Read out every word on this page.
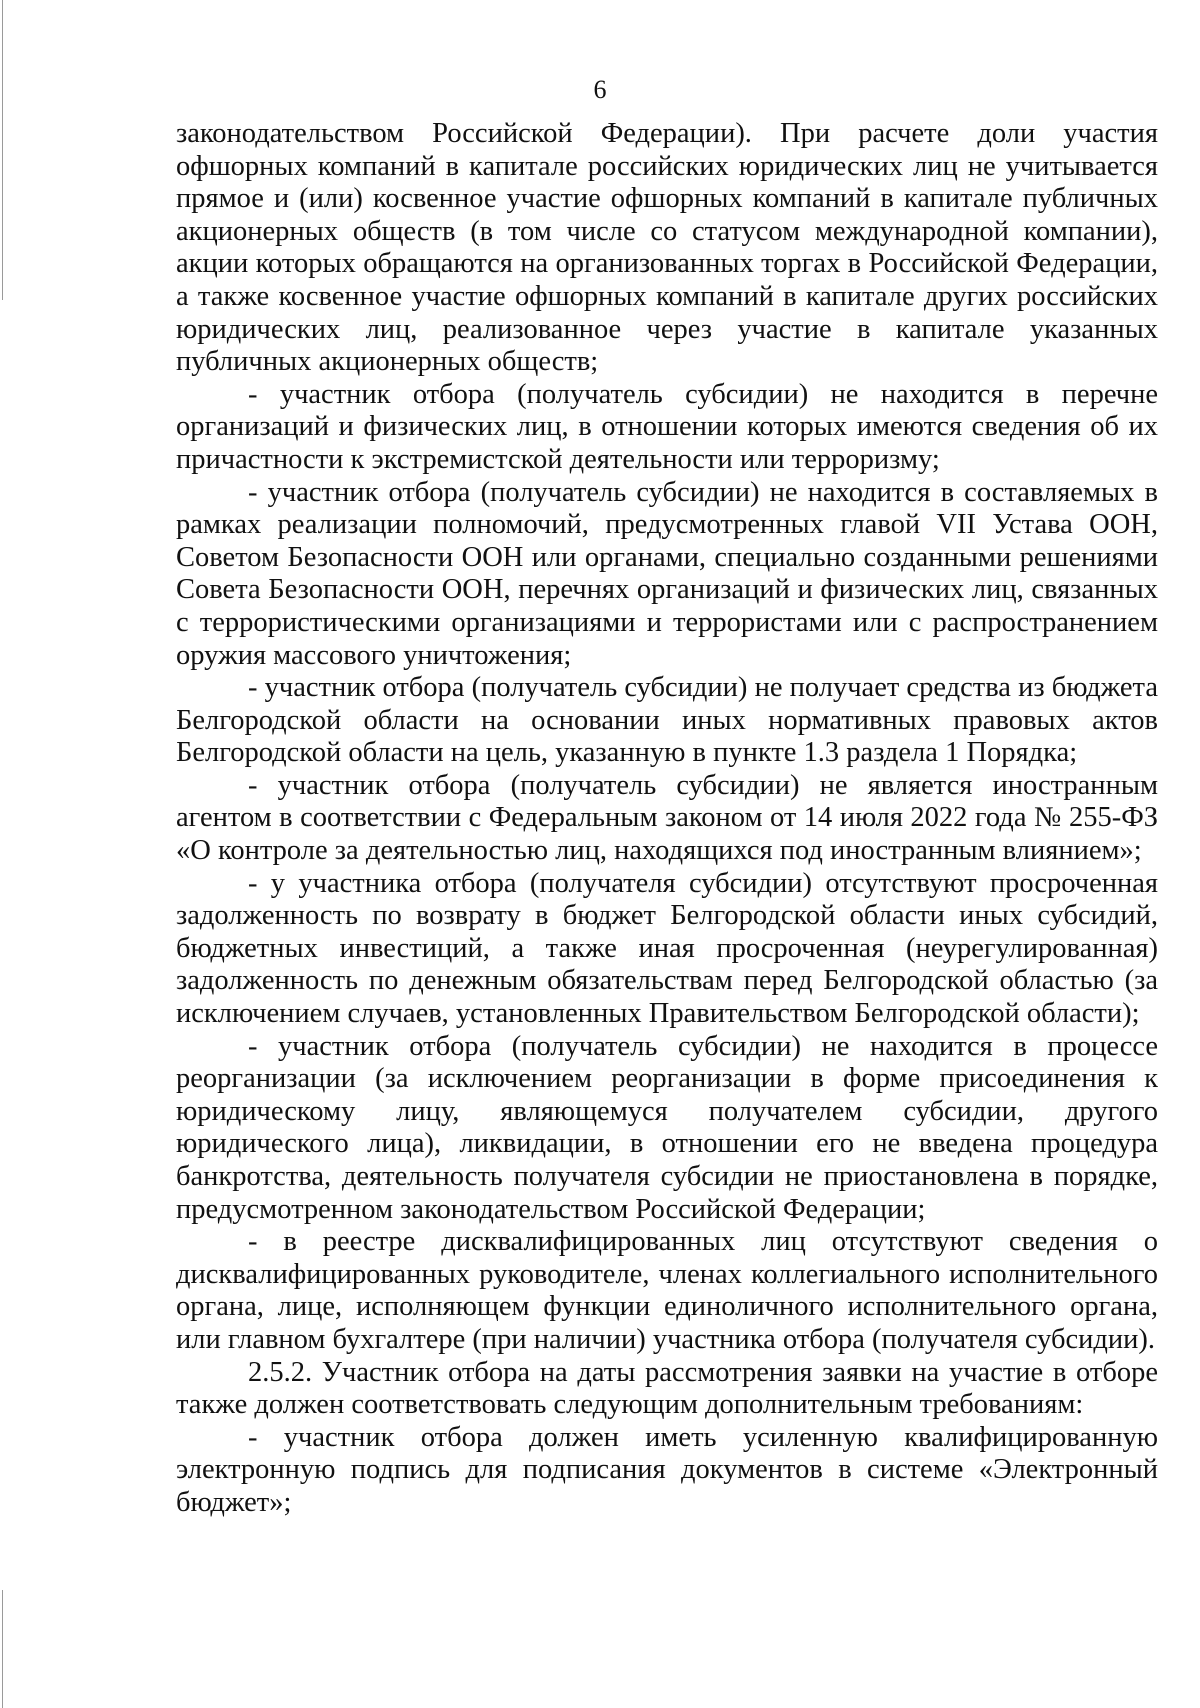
6

законодательством Российской Федерации). При расчете доли участия офшорных компаний в капитале российских юридических лиц не учитывается прямое и (или) косвенное участие офшорных компаний в капитале публичных акционерных обществ (в том числе со статусом международной компании), акции которых обращаются на организованных торгах в Российской Федерации, а также косвенное участие офшорных компаний в капитале других российских юридических лиц, реализованное через участие в капитале указанных публичных акционерных обществ;

- участник отбора (получатель субсидии) не находится в перечне организаций и физических лиц, в отношении которых имеются сведения об их причастности к экстремистской деятельности или терроризму;

- участник отбора (получатель субсидии) не находится в составляемых в рамках реализации полномочий, предусмотренных главой VII Устава ООН, Советом Безопасности ООН или органами, специально созданными решениями Совета Безопасности ООН, перечнях организаций и физических лиц, связанных с террористическими организациями и террористами или с распространением оружия массового уничтожения;

- участник отбора (получатель субсидии) не получает средства из бюджета Белгородской области на основании иных нормативных правовых актов Белгородской области на цель, указанную в пункте 1.3 раздела 1 Порядка;

- участник отбора (получатель субсидии) не является иностранным агентом в соответствии с Федеральным законом от 14 июля 2022 года № 255-ФЗ «О контроле за деятельностью лиц, находящихся под иностранным влиянием»;

- у участника отбора (получателя субсидии) отсутствуют просроченная задолженность по возврату в бюджет Белгородской области иных субсидий, бюджетных инвестиций, а также иная просроченная (неурегулированная) задолженность по денежным обязательствам перед Белгородской областью (за исключением случаев, установленных Правительством Белгородской области);

- участник отбора (получатель субсидии) не находится в процессе реорганизации (за исключением реорганизации в форме присоединения к юридическому лицу, являющемуся получателем субсидии, другого юридического лица), ликвидации, в отношении его не введена процедура банкротства, деятельность получателя субсидии не приостановлена в порядке, предусмотренном законодательством Российской Федерации;

- в реестре дисквалифицированных лиц отсутствуют сведения о дисквалифицированных руководителе, членах коллегиального исполнительного органа, лице, исполняющем функции единоличного исполнительного органа, или главном бухгалтере (при наличии) участника отбора (получателя субсидии).

2.5.2. Участник отбора на даты рассмотрения заявки на участие в отборе также должен соответствовать следующим дополнительным требованиям:

- участник отбора должен иметь усиленную квалифицированную электронную подпись для подписания документов в системе «Электронный бюджет»;
